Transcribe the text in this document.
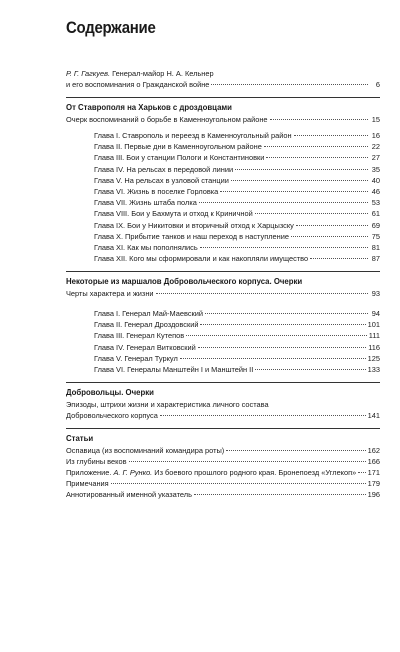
Содержание
Р. Г. Гагкуев. Генерал-майор Н. А. Кельнер
и его воспоминания о Гражданской войне	6
От Ставрополя на Харьков с дроздовцами
Очерк воспоминаний о борьбе в Каменноугольном районе	15
Глава I. Ставрополь и переезд в Каменноугольный район	16
Глава II. Первые дни в Каменноугольном районе	22
Глава III. Бои у станции Пологи и Константиновки	27
Глава IV. На рельсах в передовой линии	35
Глава V. На рельсах в узловой станции	40
Глава VI. Жизнь в поселке Горловка	46
Глава VII. Жизнь штаба полка	53
Глава VIII. Бои у Бахмута и отход к Криничной	61
Глава IX. Бои у Никитовки и вторичный отход к Харцызску	69
Глава X. Прибытие танков и наш переход в наступление	75
Глава XI. Как мы пополнялись	81
Глава XII. Кого мы сформировали и как накопляли имущество	87
Некоторые из маршалов Добровольческого корпуса. Очерки
Черты характера и жизни	93
Глава I. Генерал Май-Маевский	94
Глава II. Генерал Дроздовский	101
Глава III. Генерал Кутепов	111
Глава IV. Генерал Витковский	116
Глава V. Генерал Туркул	125
Глава VI. Генералы Манштейн I и Манштейн II	133
Добровольцы. Очерки
Эпизоды, штрихи жизни и характеристика личного состава
Добровольческого корпуса	141
Статьи
Оспавица (из воспоминаний командира роты)	162
Из глубины веков	166
Приложение. А. Г. Рунко. Из боевого прошлого родного края. Бронепоезд «Углекоп» 171
Примечания	179
Аннотированный именной указатель	196
